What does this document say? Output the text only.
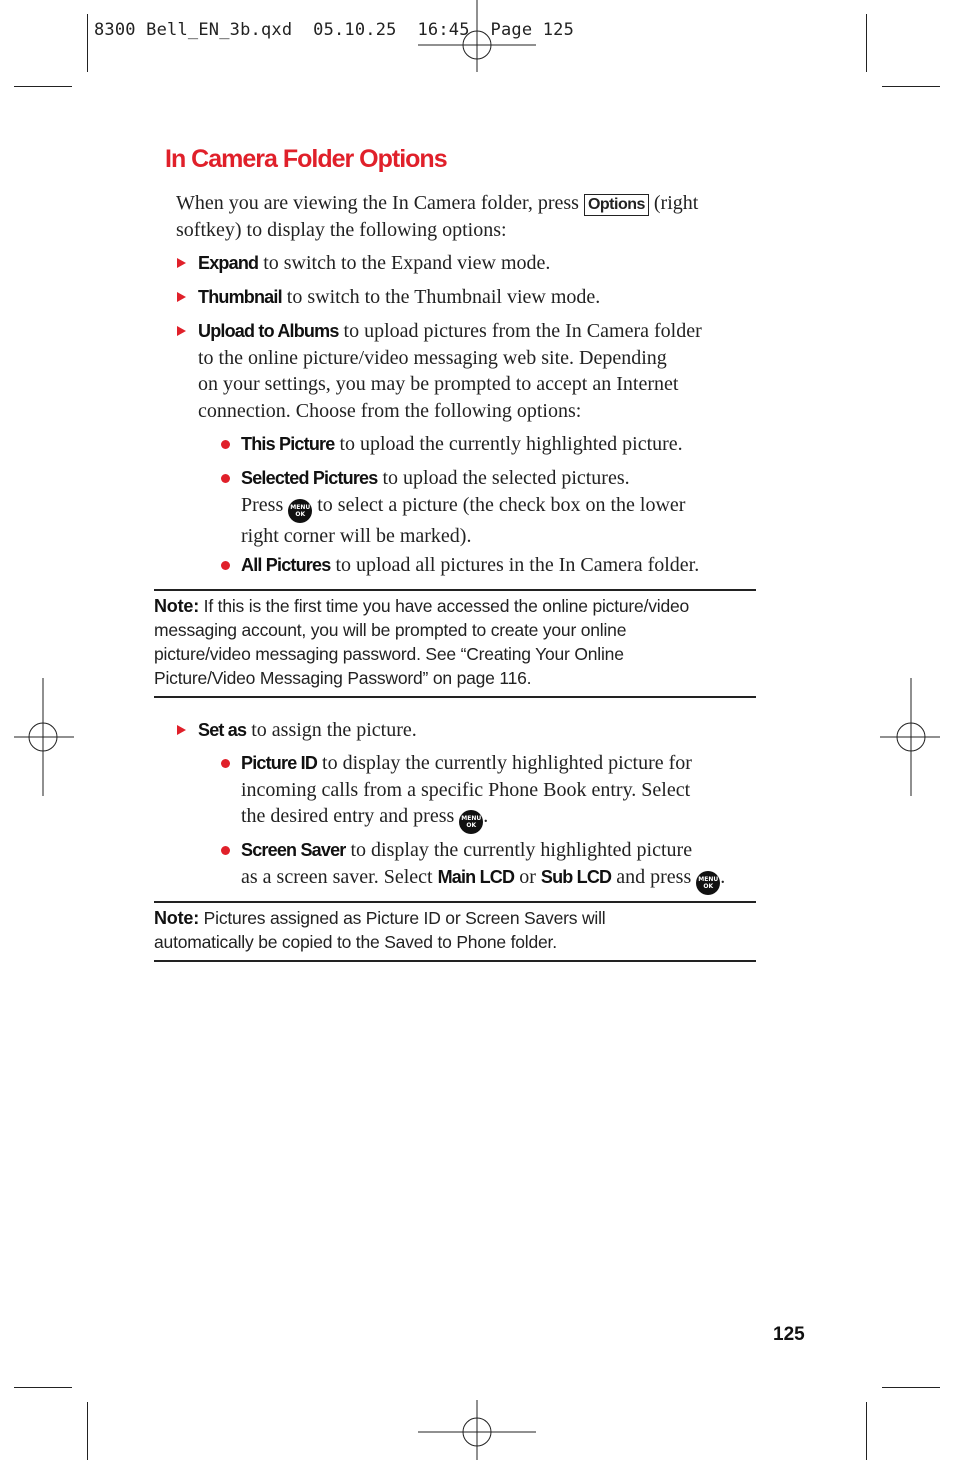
8300 Bell_EN_3b.qxd  05.10.25  16:45  Page 125
In Camera Folder Options
When you are viewing the In Camera folder, press Options (right
softkey) to display the following options:
Expand to switch to the Expand view mode.
Thumbnail to switch to the Thumbnail view mode.
Upload to Albums to upload pictures from the In Camera folder
to the online picture/video messaging web site. Depending
on your settings, you may be prompted to accept an Internet
connection. Choose from the following options:
This Picture to upload the currently highlighted picture.
Selected Pictures to upload the selected pictures.
Press MENU
OK to select a picture (the check box on the lower
right corner will be marked).
All Pictures to upload all pictures in the In Camera folder.
Note: If this is the first time you have accessed the online picture/video
messaging account, you will be prompted to create your online
picture/video messaging password. See “Creating Your Online
Picture/Video Messaging Password” on page 116.
Set as to assign the picture.
Picture ID to display the currently highlighted picture for
incoming calls from a specific Phone Book entry. Select
the desired entry and press MENU
OK .
Screen Saver to display the currently highlighted picture
as a screen saver. Select Main LCD or Sub LCD and press MENU
OK .
Note: Pictures assigned as Picture ID or Screen Savers will
automatically be copied to the Saved to Phone folder.
125
